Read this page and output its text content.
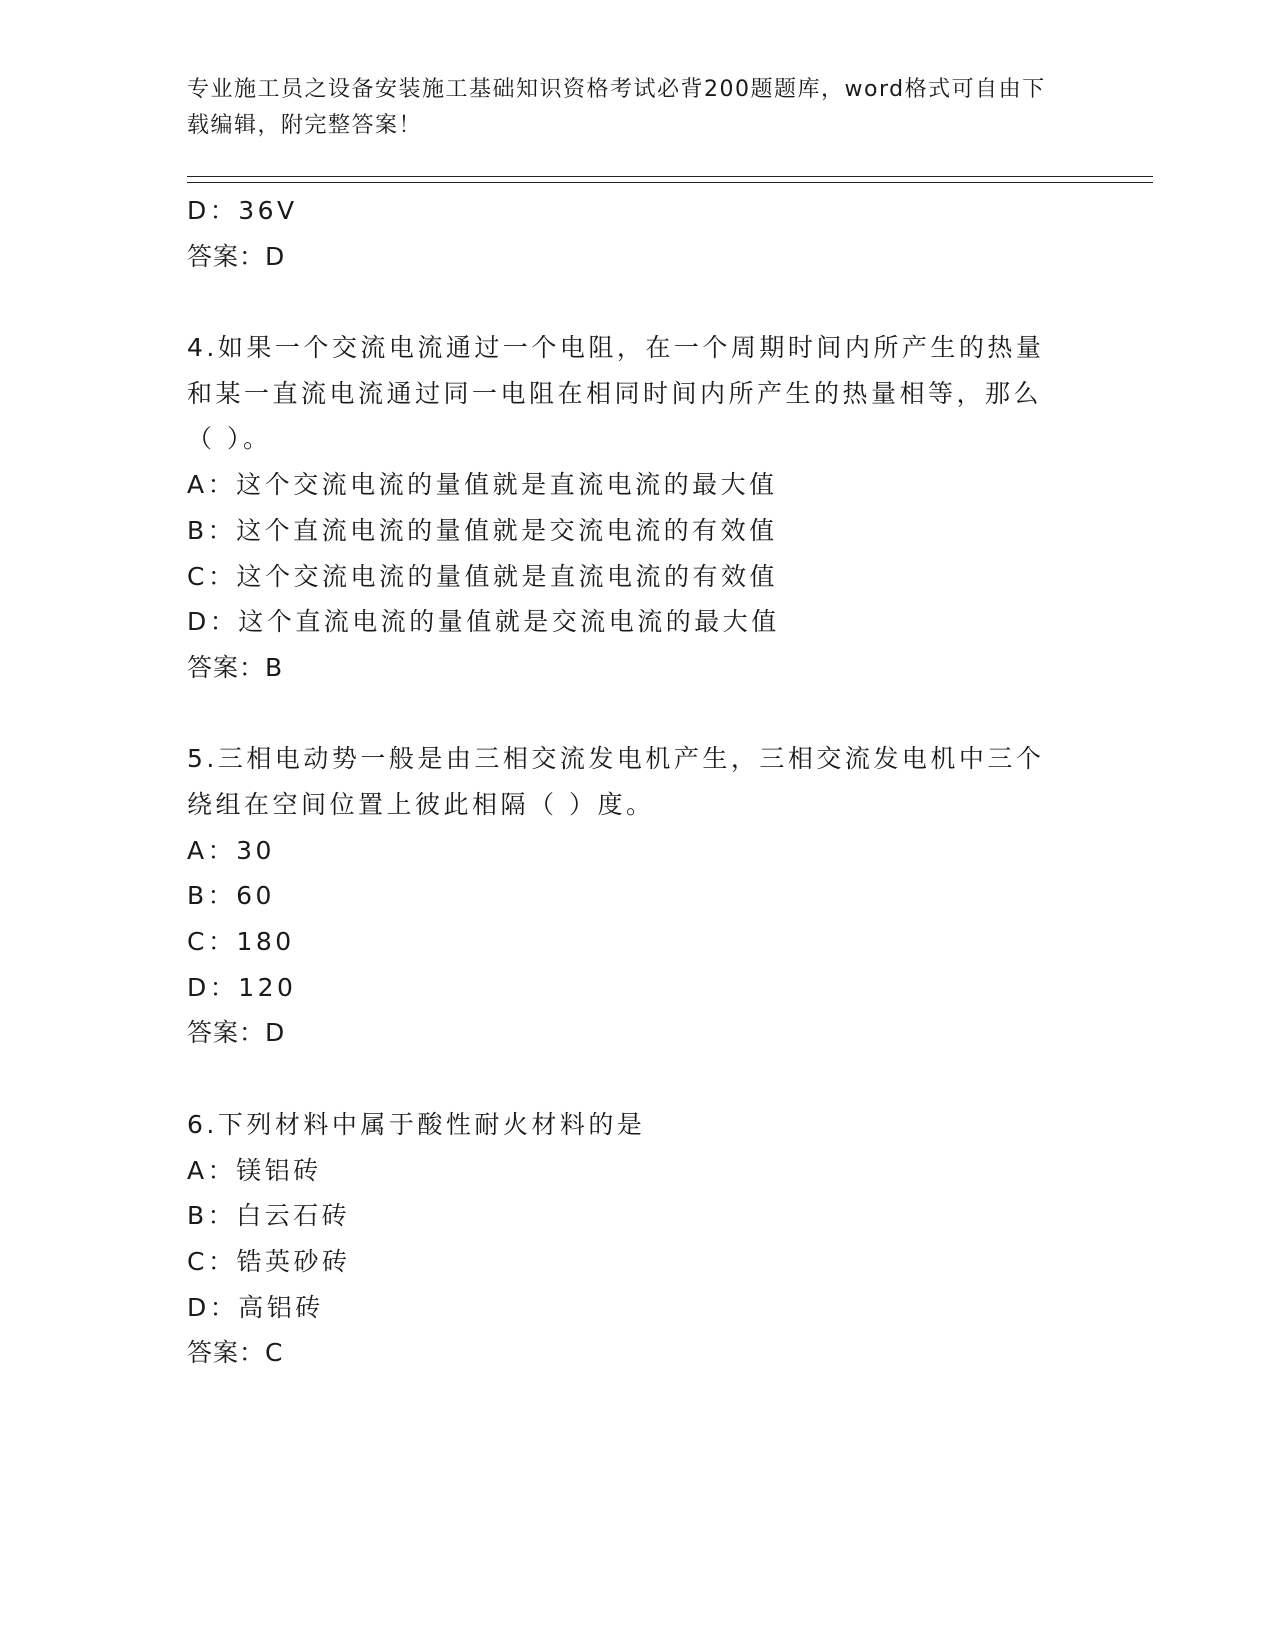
专业施工员之设备安装施工基础知识资格考试必背200题题库，word格式可自由下载编辑，附完整答案！
D：36V
答案：D

4.如果一个交流电流通过一个电阻，在一个周期时间内所产生的热量和某一直流电流通过同一电阻在相同时间内所产生的热量相等，那么（ ）。

A：这个交流电流的量值就是直流电流的最大值
B：这个直流电流的量值就是交流电流的有效值
C：这个交流电流的量值就是直流电流的有效值
D：这个直流电流的量值就是交流电流的最大值
答案：B

5.三相电动势一般是由三相交流发电机产生，三相交流发电机中三个绕组在空间位置上彼此相隔（ ）度。

A：30
B：60
C：180
D：120
答案：D

6.下列材料中属于酸性耐火材料的是

A：镁铝砖
B：白云石砖
C：锆英砂砖
D：高铝砖
答案：C
